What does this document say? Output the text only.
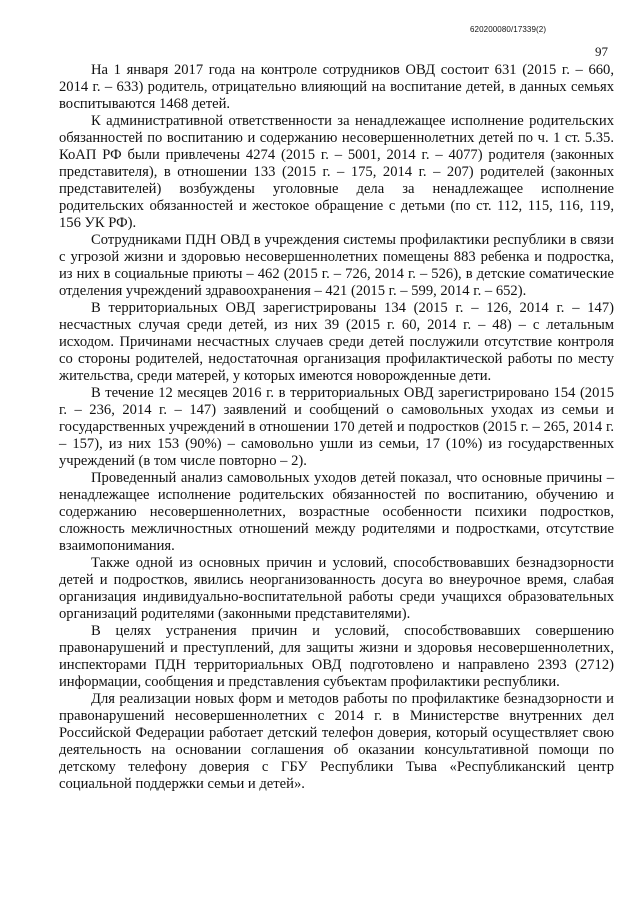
620200080/17339(2)
97

На 1 января 2017 года на контроле сотрудников ОВД состоит 631 (2015 г. – 660, 2014 г. – 633) родитель, отрицательно влияющий на воспитание детей, в данных семьях воспитываются 1468 детей.

К административной ответственности за ненадлежащее исполнение родительских обязанностей по воспитанию и содержанию несовершеннолетних детей по ч. 1 ст. 5.35. КоАП РФ были привлечены 4274 (2015 г. – 5001, 2014 г. – 4077) родителя (законных представителя), в отношении 133 (2015 г. – 175, 2014 г. – 207) родителей (законных представителей) возбуждены уголовные дела за ненадлежащее исполнение родительских обязанностей и жестокое обращение с детьми (по ст. 112, 115, 116, 119, 156 УК РФ).

Сотрудниками ПДН ОВД в учреждения системы профилактики республики в связи с угрозой жизни и здоровью несовершеннолетних помещены 883 ребенка и подростка, из них в социальные приюты – 462 (2015 г. – 726, 2014 г. – 526), в детские соматические отделения учреждений здравоохранения – 421 (2015 г. – 599, 2014 г. – 652).

В территориальных ОВД зарегистрированы 134 (2015 г. – 126, 2014 г. – 147) несчастных случая среди детей, из них 39 (2015 г. 60, 2014 г. – 48) – с летальным исходом. Причинами несчастных случаев среди детей послужили отсутствие контроля со стороны родителей, недостаточная организация профилактической работы по месту жительства, среди матерей, у которых имеются новорожденные дети.

В течение 12 месяцев 2016 г. в территориальных ОВД зарегистрировано 154 (2015 г. – 236, 2014 г. – 147) заявлений и сообщений о самовольных уходах из семьи и государственных учреждений в отношении 170 детей и подростков (2015 г. – 265, 2014 г. – 157), из них 153 (90%) – самовольно ушли из семьи, 17 (10%) из государственных учреждений (в том числе повторно – 2).

Проведенный анализ самовольных уходов детей показал, что основные причины – ненадлежащее исполнение родительских обязанностей по воспитанию, обучению и содержанию несовершеннолетних, возрастные особенности психики подростков, сложность межличностных отношений между родителями и подростками, отсутствие взаимопонимания.

Также одной из основных причин и условий, способствовавших безнадзорности детей и подростков, явились неорганизованность досуга во внеурочное время, слабая организация индивидуально-воспитательной работы среди учащихся образовательных организаций родителями (законными представителями).

В целях устранения причин и условий, способствовавших совершению правонарушений и преступлений, для защиты жизни и здоровья несовершеннолетних, инспекторами ПДН территориальных ОВД подготовлено и направлено 2393 (2712) информации, сообщения и представления субъектам профилактики республики.

Для реализации новых форм и методов работы по профилактике безнадзорности и правонарушений несовершеннолетних с 2014 г. в Министерстве внутренних дел Российской Федерации работает детский телефон доверия, который осуществляет свою деятельность на основании соглашения об оказании консультативной помощи по детскому телефону доверия с ГБУ Республики Тыва «Республиканский центр социальной поддержки семьи и детей».
